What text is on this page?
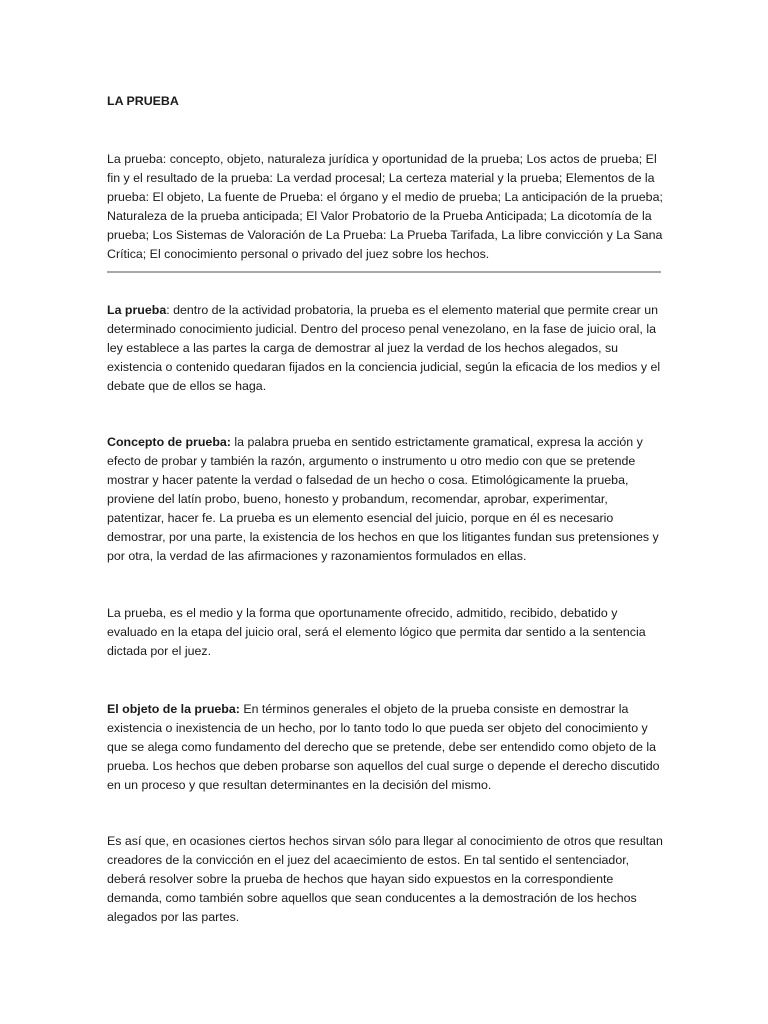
LA PRUEBA

La prueba: concepto, objeto, naturaleza jurídica y oportunidad de la prueba; Los actos de prueba; El fin y el resultado de la prueba: La verdad procesal; La certeza material y la prueba; Elementos de la prueba: El objeto, La fuente de Prueba: el órgano y el medio de prueba; La anticipación de la prueba; Naturaleza de la prueba anticipada; El Valor Probatorio de la Prueba Anticipada; La dicotomía de la prueba; Los Sistemas de Valoración de La Prueba: La Prueba Tarifada, La libre convicción y La Sana Crítica; El conocimiento personal o privado del juez sobre los hechos.

La prueba: dentro de la actividad probatoria, la prueba es el elemento material que permite crear un determinado conocimiento judicial. Dentro del proceso penal venezolano, en la fase de juicio oral, la ley establece a las partes la carga de demostrar al juez la verdad de los hechos alegados, su existencia o contenido quedaran fijados en la conciencia judicial, según la eficacia de los medios y el debate que de ellos se haga.

Concepto de prueba: la palabra prueba en sentido estrictamente gramatical, expresa la acción y efecto de probar y también la razón, argumento o instrumento u otro medio con que se pretende mostrar y hacer patente la verdad o falsedad de un hecho o cosa. Etimológicamente la prueba, proviene del latín probo, bueno, honesto y probandum, recomendar, aprobar, experimentar, patentizar, hacer fe. La prueba es un elemento esencial del juicio, porque en él es necesario demostrar, por una parte, la existencia de los hechos en que los litigantes fundan sus pretensiones y por otra, la verdad de las afirmaciones y razonamientos formulados en ellas.

La prueba, es el medio y la forma que oportunamente ofrecido, admitido, recibido, debatido y evaluado en la etapa del juicio oral, será el elemento lógico que permita dar sentido a la sentencia dictada por el juez.

El objeto de la prueba: En términos generales el objeto de la prueba consiste en demostrar la existencia o inexistencia de un hecho, por lo tanto todo lo que pueda ser objeto del conocimiento y que se alega como fundamento del derecho que se pretende, debe ser entendido como objeto de la prueba. Los hechos que deben probarse son aquellos del cual surge o depende el derecho discutido en un proceso y que resultan determinantes en la decisión del mismo.

Es así que, en ocasiones ciertos hechos sirvan sólo para llegar al conocimiento de otros que resultan creadores de la convicción en el juez del acaecimiento de estos. En tal sentido el sentenciador, deberá resolver sobre la prueba de hechos que hayan sido expuestos en la correspondiente demanda, como también sobre aquellos que sean conducentes a la demostración de los hechos alegados por las partes.
